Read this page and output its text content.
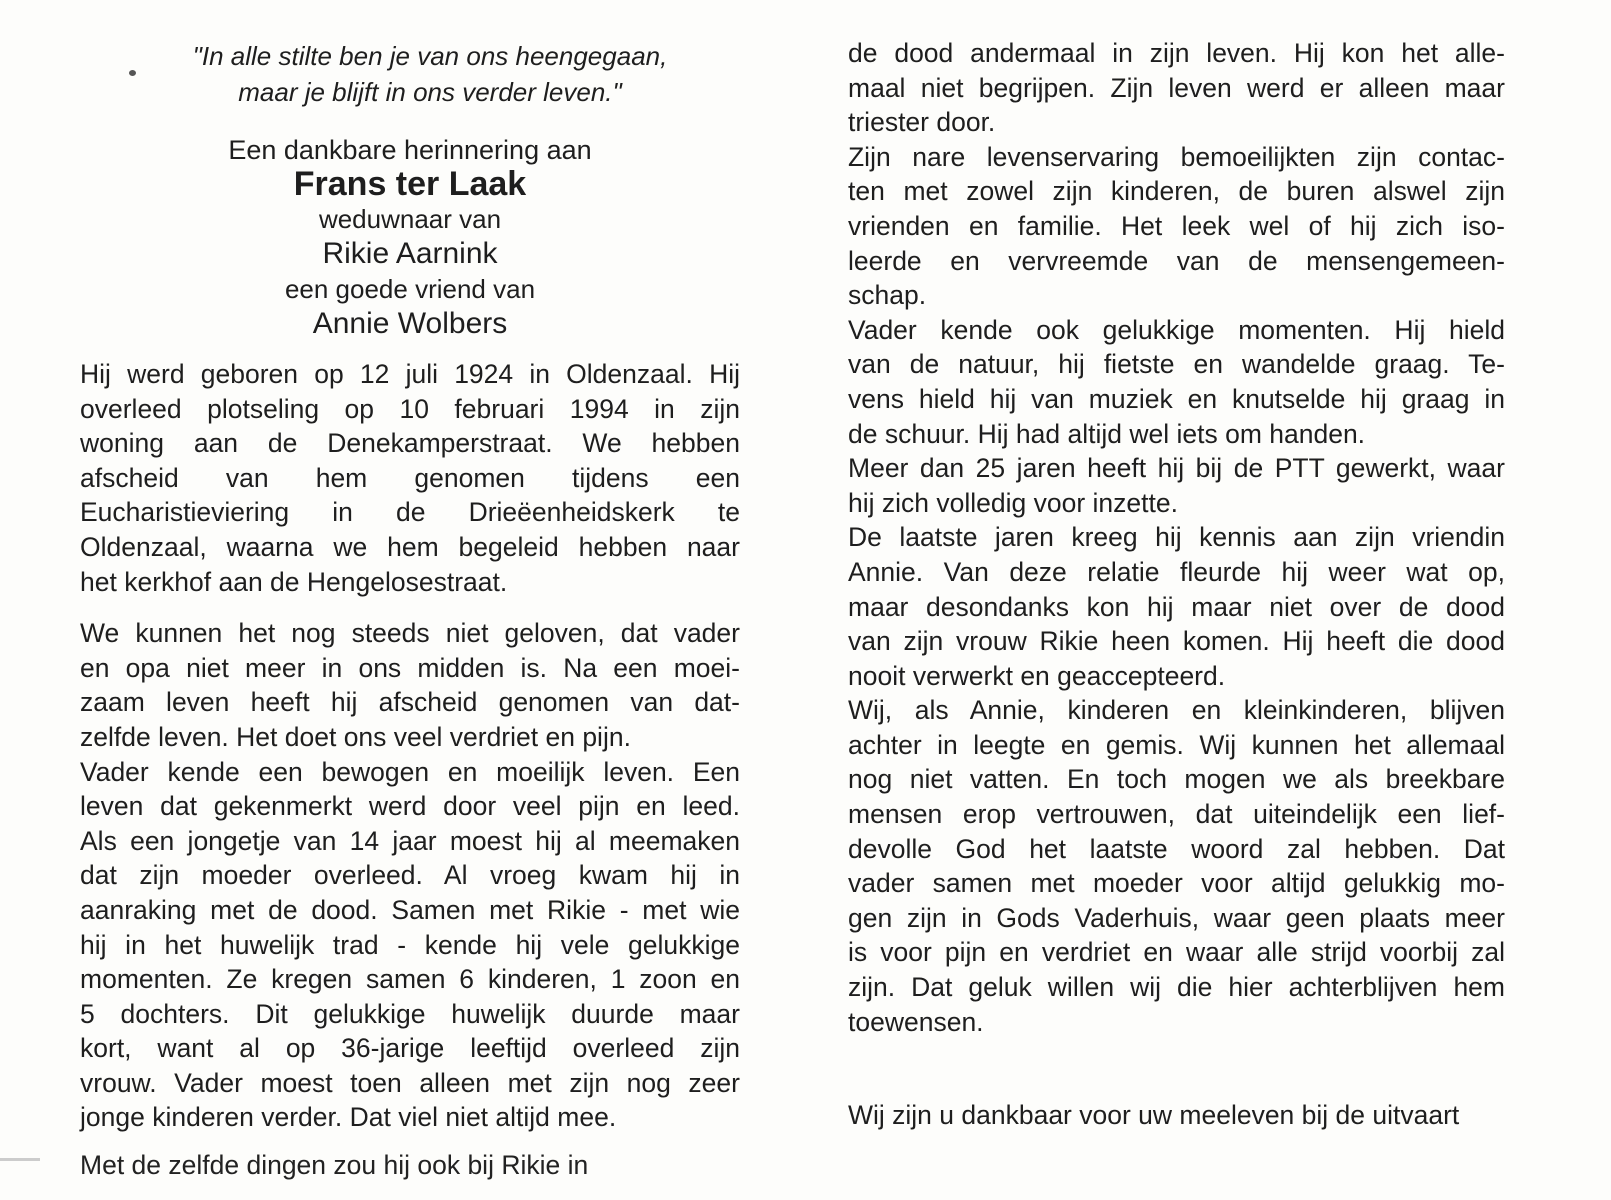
"In alle stilte ben je van ons heengegaan,
maar je blijft in ons verder leven."
Een dankbare herinnering aan
Frans ter Laak
weduwnaar van
Rikie Aarnink
een goede vriend van
Annie Wolbers
Hij werd geboren op 12 juli 1924 in Oldenzaal. Hij
overleed plotseling op 10 februari 1994 in zijn
woning aan de Denekamperstraat. We hebben
afscheid van hem genomen tijdens een
Eucharistieviering in de Drieëenheidskerk te
Oldenzaal, waarna we hem begeleid hebben naar
het kerkhof aan de Hengelosestraat.
We kunnen het nog steeds niet geloven, dat vader
en opa niet meer in ons midden is. Na een moei-
zaam leven heeft hij afscheid genomen van dat-
zelfde leven. Het doet ons veel verdriet en pijn.
Vader kende een bewogen en moeilijk leven. Een
leven dat gekenmerkt werd door veel pijn en leed.
Als een jongetje van 14 jaar moest hij al meemaken
dat zijn moeder overleed. Al vroeg kwam hij in
aanraking met de dood. Samen met Rikie - met wie
hij in het huwelijk trad - kende hij vele gelukkige
momenten. Ze kregen samen 6 kinderen, 1 zoon en
5 dochters. Dit gelukkige huwelijk duurde maar
kort, want al op 36-jarige leeftijd overleed zijn
vrouw. Vader moest toen alleen met zijn nog zeer
jonge kinderen verder. Dat viel niet altijd mee.
Met de zelfde dingen zou hij ook bij Rikie in
de dood andermaal in zijn leven. Hij kon het alle-
maal niet begrijpen. Zijn leven werd er alleen maar
triester door.
Zijn nare levenservaring bemoeilijkten zijn contac-
ten met zowel zijn kinderen, de buren alswel zijn
vrienden en familie. Het leek wel of hij zich iso-
leerde en vervreemde van de mensengemeen-
schap.
Vader kende ook gelukkige momenten. Hij hield
van de natuur, hij fietste en wandelde graag. Te-
vens hield hij van muziek en knutselde hij graag in
de schuur. Hij had altijd wel iets om handen.
Meer dan 25 jaren heeft hij bij de PTT gewerkt, waar
hij zich volledig voor inzette.
De laatste jaren kreeg hij kennis aan zijn vriendin
Annie. Van deze relatie fleurde hij weer wat op,
maar desondanks kon hij maar niet over de dood
van zijn vrouw Rikie heen komen. Hij heeft die dood
nooit verwerkt en geaccepteerd.
Wij, als Annie, kinderen en kleinkinderen, blijven
achter in leegte en gemis. Wij kunnen het allemaal
nog niet vatten. En toch mogen we als breekbare
mensen erop vertrouwen, dat uiteindelijk een lief-
devolle God het laatste woord zal hebben. Dat
vader samen met moeder voor altijd gelukkig mo-
gen zijn in Gods Vaderhuis, waar geen plaats meer
is voor pijn en verdriet en waar alle strijd voorbij zal
zijn. Dat geluk willen wij die hier achterblijven hem
toewensen.
Wij zijn u dankbaar voor uw meeleven bij de uitvaart
